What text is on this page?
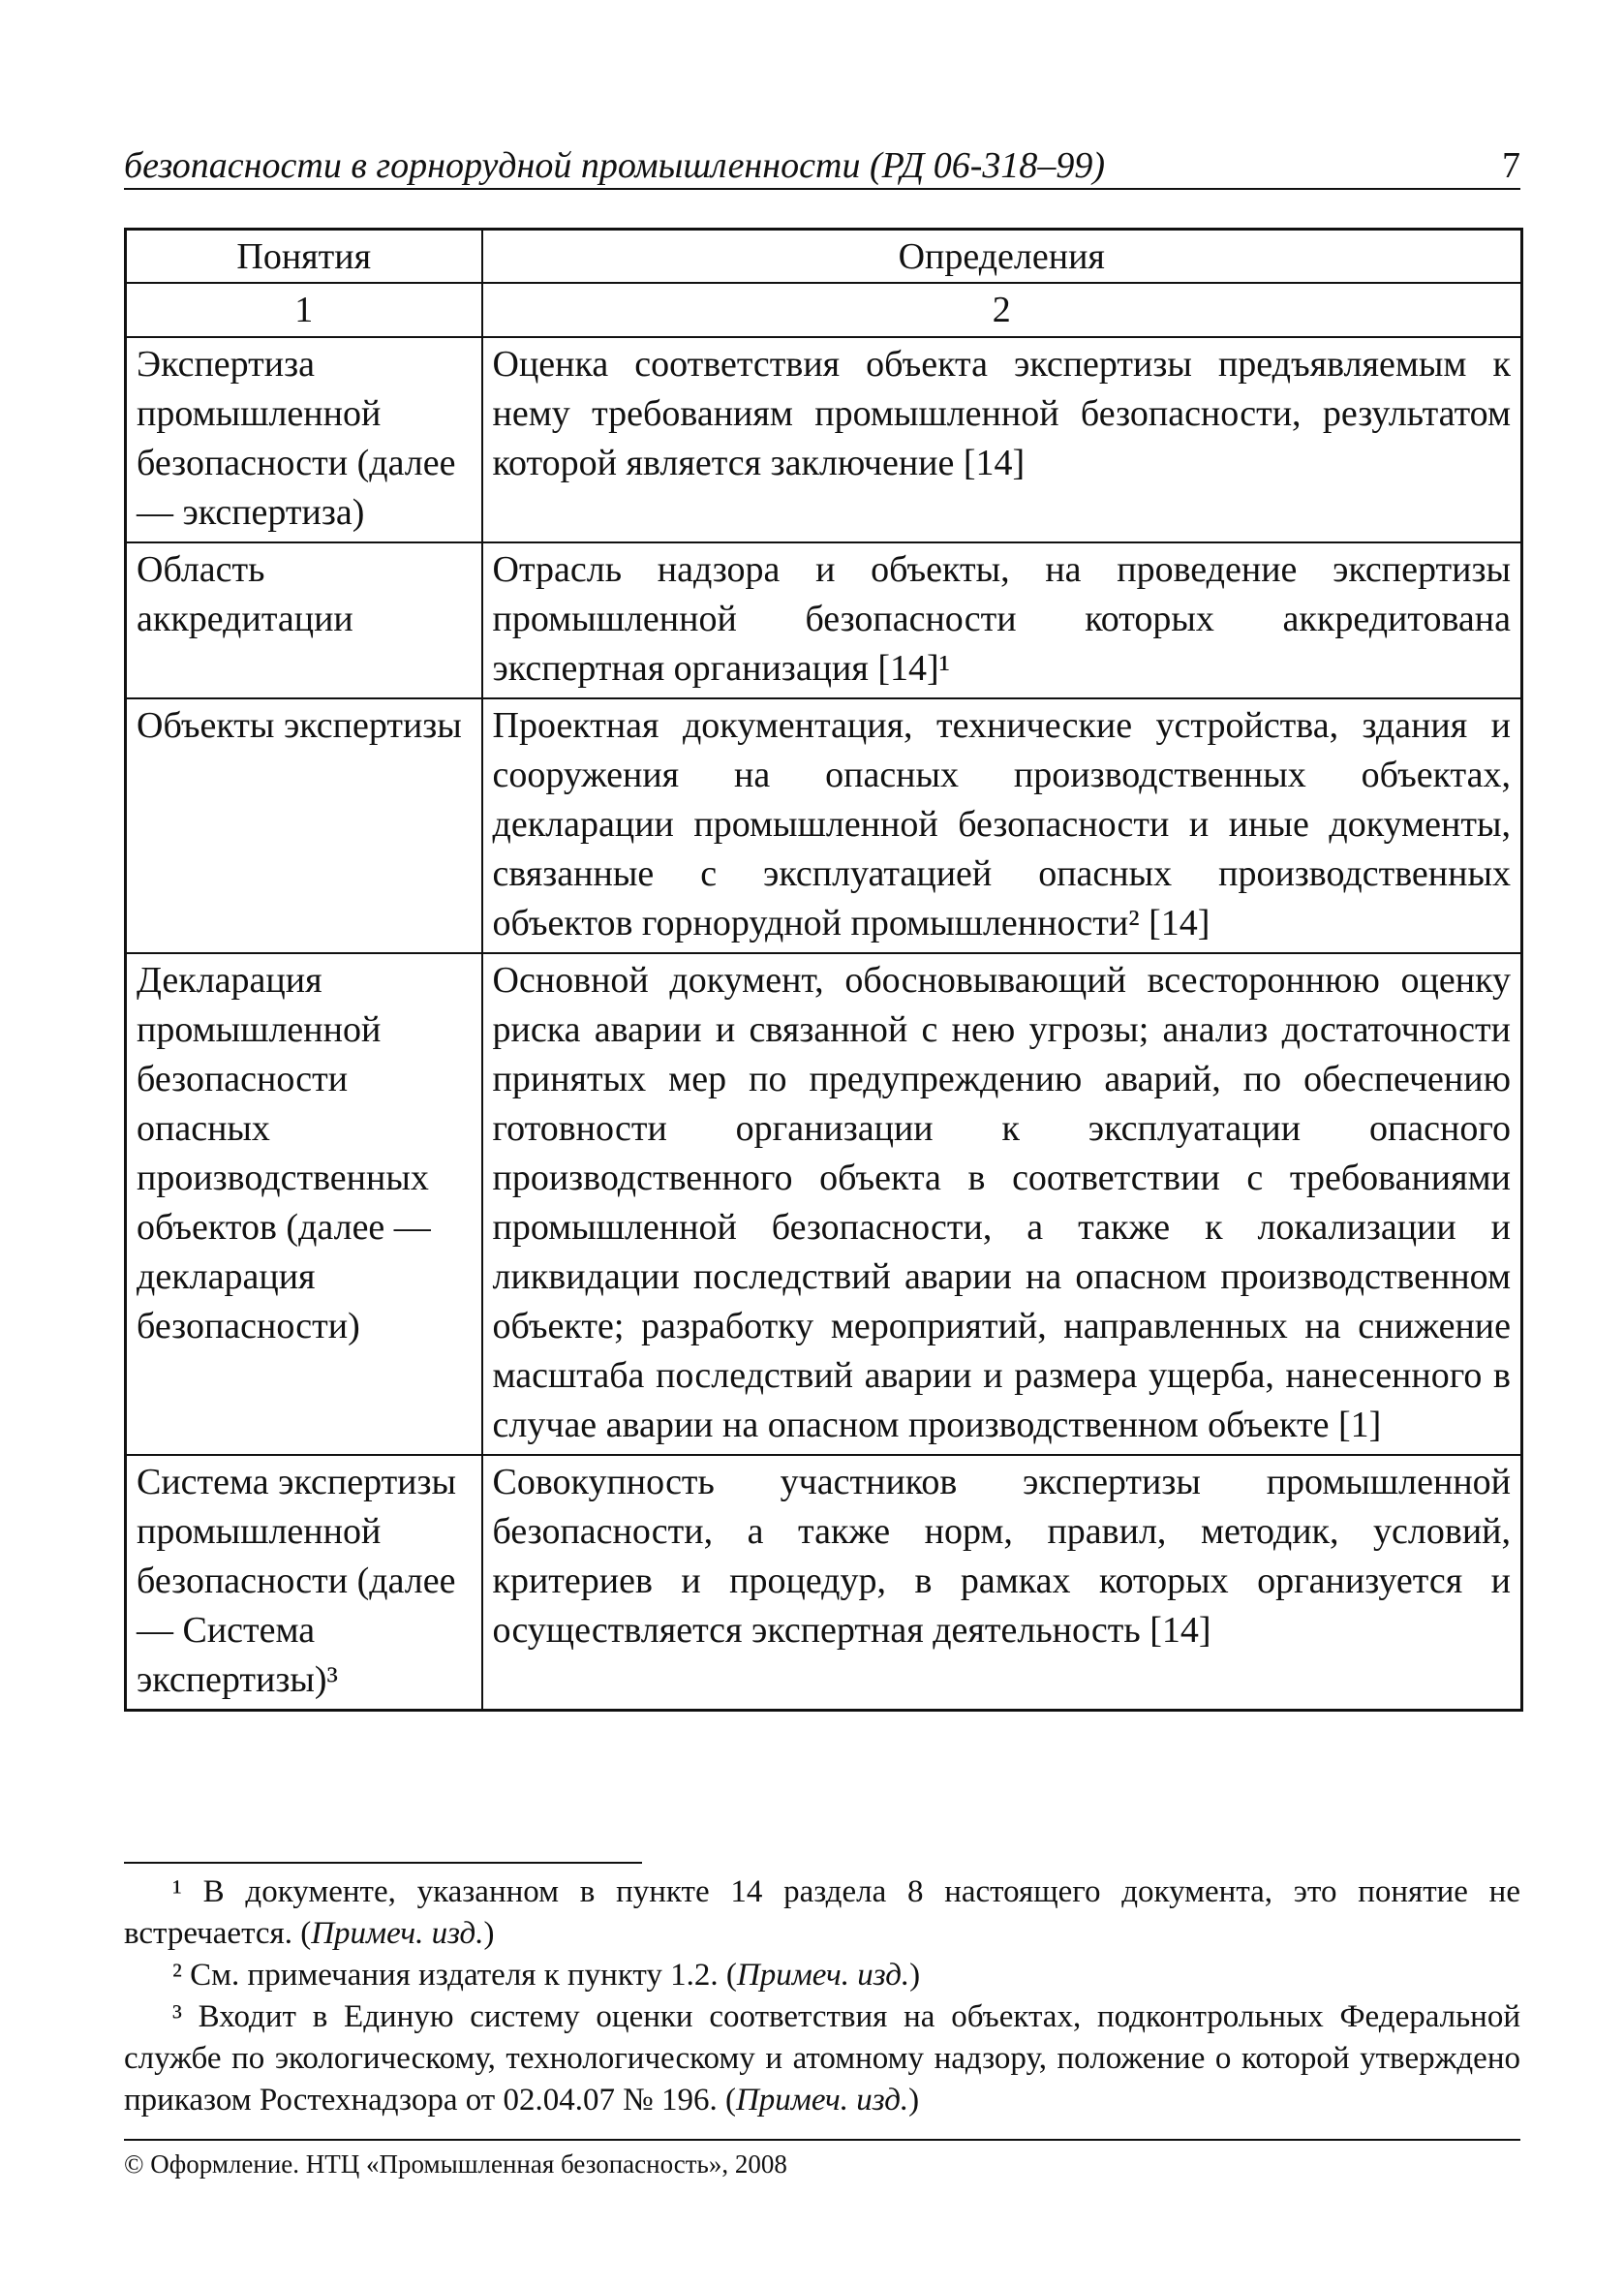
безопасности в горнорудной промышленности (РД 06-318–99)	7
Понятия	Определения
1	2
Экспертиза промышленной безопасности (далее — экспертиза)	Оценка соответствия объекта экспертизы предъявляемым к нему требованиям промышленной безопасности, результатом которой является заключение [14]
Область аккредитации	Отрасль надзора и объекты, на проведение экспертизы промышленной безопасности которых аккредитована экспертная организация [14]¹
Объекты экспертизы	Проектная документация, технические устройства, здания и сооружения на опасных производственных объектах, декларации промышленной безопасности и иные документы, связанные с эксплуатацией опасных производственных объектов горнорудной промышленности² [14]
Декларация промышленной безопасности опасных производственных объектов (далее — декларация безопасности)	Основной документ, обосновывающий всестороннюю оценку риска аварии и связанной с нею угрозы; анализ достаточности принятых мер по предупреждению аварий, по обеспечению готовности организации к эксплуатации опасного производственного объекта в соответствии с требованиями промышленной безопасности, а также к локализации и ликвидации последствий аварии на опасном производственном объекте; разработку мероприятий, направленных на снижение масштаба последствий аварии и размера ущерба, нанесенного в случае аварии на опасном производственном объекте [1]
Система экспертизы промышленной безопасности (далее — Система экспертизы)³	Совокупность участников экспертизы промышленной безопасности, а также норм, правил, методик, условий, критериев и процедур, в рамках которых организуется и осуществляется экспертная деятельность [14]

¹ В документе, указанном в пункте 14 раздела 8 настоящего документа, это понятие не встречается. (Примеч. изд.)

² См. примечания издателя к пункту 1.2. (Примеч. изд.)

³ Входит в Единую систему оценки соответствия на объектах, подконтрольных Федеральной службе по экологическому, технологическому и атомному надзору, положение о которой утверждено приказом Ростехнадзора от 02.04.07 № 196. (Примеч. изд.)

© Оформление. НТЦ «Промышленная безопасность», 2008
